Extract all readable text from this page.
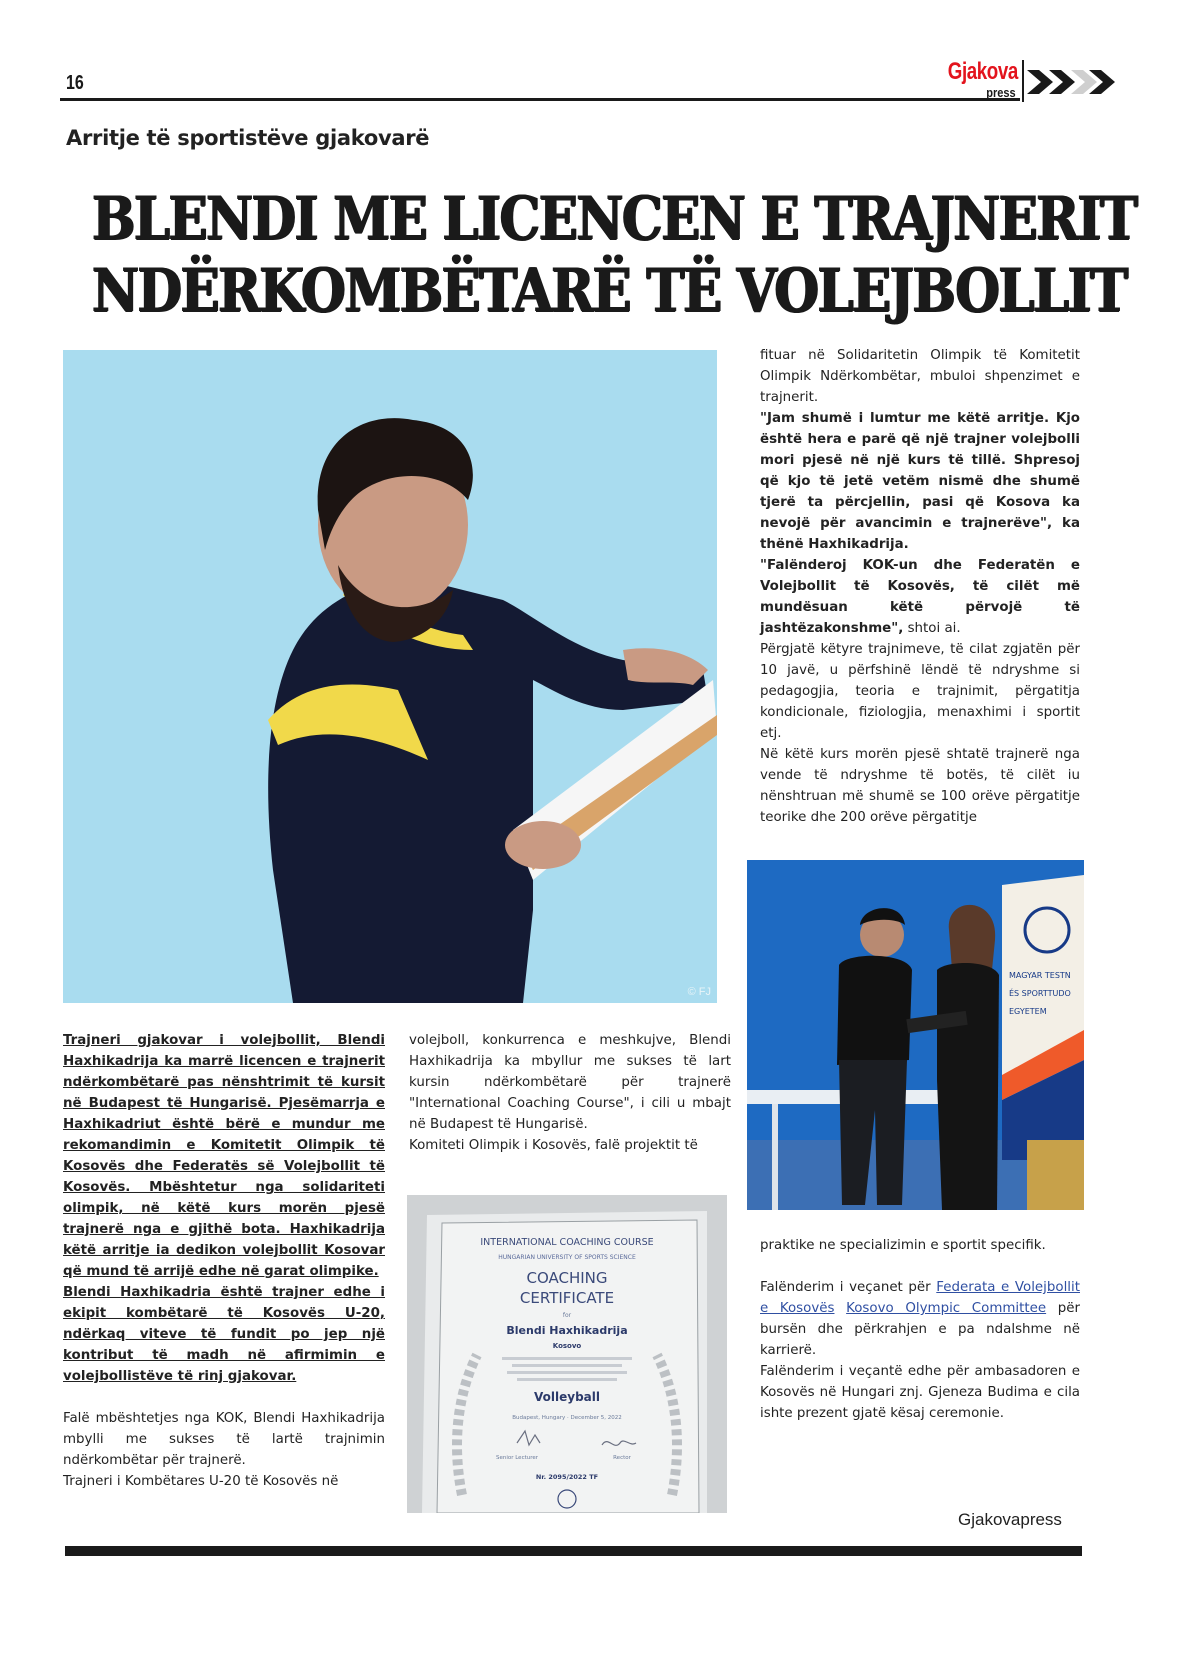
16	Gjakova
press
Arritje të sportistëve gjakovarë
BLENDI ME LICENCEN E TRAJNERIT
NDËRKOMBËTARË TË VOLEJBOLLIT
© FJ

fituar në Solidaritetin Olimpik të Komitetit Olimpik Ndërkombëtar, mbuloi shpenzimet e trajnerit.

"Jam shumë i lumtur me këtë arritje. Kjo është hera e parë që një trajner volejbolli mori pjesë në një kurs të tillë. Shpresoj që kjo të jetë vetëm nismë dhe shumë tjerë ta përcjellin, pasi që Kosova ka nevojë për avancimin e trajnerëve", ka thënë Haxhikadrija.

"Falënderoj KOK-un dhe Federatën e Volejbollit të Kosovës, të cilët më mundësuan këtë përvojë të jashtëzakonshme", shtoi ai.

Përgjatë këtyre trajnimeve, të cilat zgjatën për 10 javë, u përfshinë lëndë të ndryshme si pedagogjia, teoria e trajnimit, përgatitja kondicionale, fiziologjia, menaxhimi i sportit etj.

Në këtë kurs morën pjesë shtatë trajnerë nga vende të ndryshme të botës, të cilët iu nënshtruan më shumë se 100 orëve përgatitje teorike dhe 200 orëve përgatitje

MAGYAR TESTN
ÉS SPORTTUDO
EGYETEM

Trajneri gjakovar i volejbollit, Blendi Haxhikadrija ka marrë licencen e trajnerit ndërkombëtarë pas nënshtrimit të kursit në Budapest të Hungarisë. Pjesëmarrja e Haxhikadriut është bërë e mundur me rekomandimin e Komitetit Olimpik të Kosovës dhe Federatës së Volejbollit të Kosovës. Mbështetur nga solidariteti olimpik, në këtë kurs morën pjesë trajnerë nga e gjithë bota. Haxhikadrija këtë arritje ia dedikon volejbollit Kosovar që mund të arrijë edhe në garat olimpike.

Blendi Haxhikadria është trajner edhe i ekipit kombëtarë të Kosovës U-20, ndërkaq viteve të fundit po jep një kontribut të madh në afirmimin e volejbollistëve të rinj gjakovar.

Falë mbështetjes nga KOK, Blendi Haxhikadrija mbylli me sukses të lartë trajnimin ndërkombëtar për trajnerë.

Trajneri i Kombëtares U-20 të Kosovës në

volejboll, konkurrenca e meshkujve, Blendi Haxhikadrija ka mbyllur me sukses të lart kursin ndërkombëtarë për trajnerë "International Coaching Course", i cili u mbajt në Budapest të Hungarisë.

Komiteti Olimpik i Kosovës, falë projektit të

INTERNATIONAL COACHING COURSE
HUNGARIAN UNIVERSITY OF SPORTS SCIENCE
COACHING
CERTIFICATE
for
Blendi Haxhikadrija
Kosovo
Volleyball
Budapest, Hungary · December 5, 2022
Senior Lecturer	Rector
Nr. 2095/2022 TF

praktike ne specializimin e sportit specifik.

Falënderim i veçanet për Federata e Volejbollit e Kosovës Kosovo Olympic Committee për bursën dhe përkrahjen e pa ndalshme në karrierë.

Falënderim i veçantë edhe për ambasadoren e Kosovës në Hungari znj. Gjeneza Budima e cila ishte prezent gjatë kësaj ceremonie.

Gjakovapress
